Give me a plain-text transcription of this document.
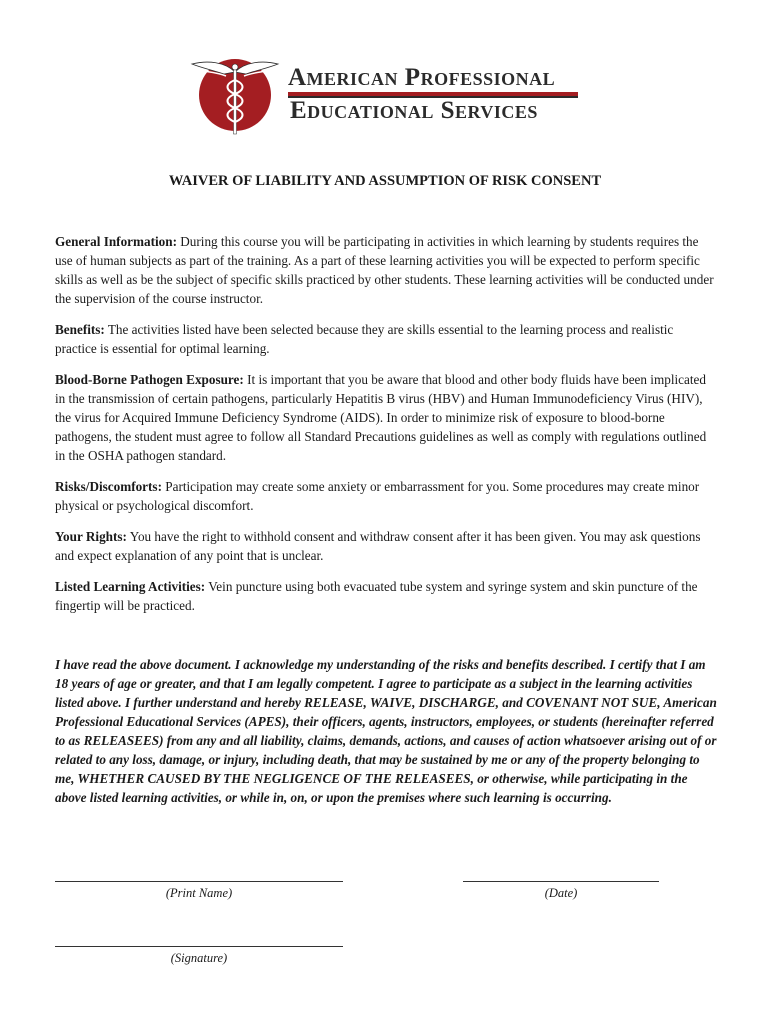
American Professional
Educational Services
WAIVER OF LIABILITY AND ASSUMPTION OF RISK CONSENT

General Information: During this course you will be participating in activities in which learning by students requires the use of human subjects as part of the training. As a part of these learning activities you will be expected to perform specific skills as well as be the subject of specific skills practiced by other students. These learning activities will be conducted under the supervision of the course instructor.

Benefits: The activities listed have been selected because they are skills essential to the learning process and realistic practice is essential for optimal learning.

Blood-Borne Pathogen Exposure: It is important that you be aware that blood and other body fluids have been implicated in the transmission of certain pathogens, particularly Hepatitis B virus (HBV) and Human Immunodeficiency Virus (HIV), the virus for Acquired Immune Deficiency Syndrome (AIDS). In order to minimize risk of exposure to blood-borne pathogens, the student must agree to follow all Standard Precautions guidelines as well as comply with regulations outlined in the OSHA pathogen standard.

Risks/Discomforts: Participation may create some anxiety or embarrassment for you. Some procedures may create minor physical or psychological discomfort.

Your Rights: You have the right to withhold consent and withdraw consent after it has been given. You may ask questions and expect explanation of any point that is unclear.

Listed Learning Activities: Vein puncture using both evacuated tube system and syringe system and skin puncture of the fingertip will be practiced.

I have read the above document. I acknowledge my understanding of the risks and benefits described. I certify that I am 18 years of age or greater, and that I am legally competent. I agree to participate as a subject in the learning activities listed above. I further understand and hereby RELEASE, WAIVE, DISCHARGE, and COVENANT NOT SUE, American Professional Educational Services (APES), their officers, agents, instructors, employees, or students (hereinafter referred to as RELEASEES) from any and all liability, claims, demands, actions, and causes of action whatsoever arising out of or related to any loss, damage, or injury, including death, that may be sustained by me or any of the property belonging to me, WHETHER CAUSED BY THE NEGLIGENCE OF THE RELEASEES, or otherwise, while participating in the above listed learning activities, or while in, on, or upon the premises where such learning is occurring.

(Print Name)	(Date)
(Signature)
